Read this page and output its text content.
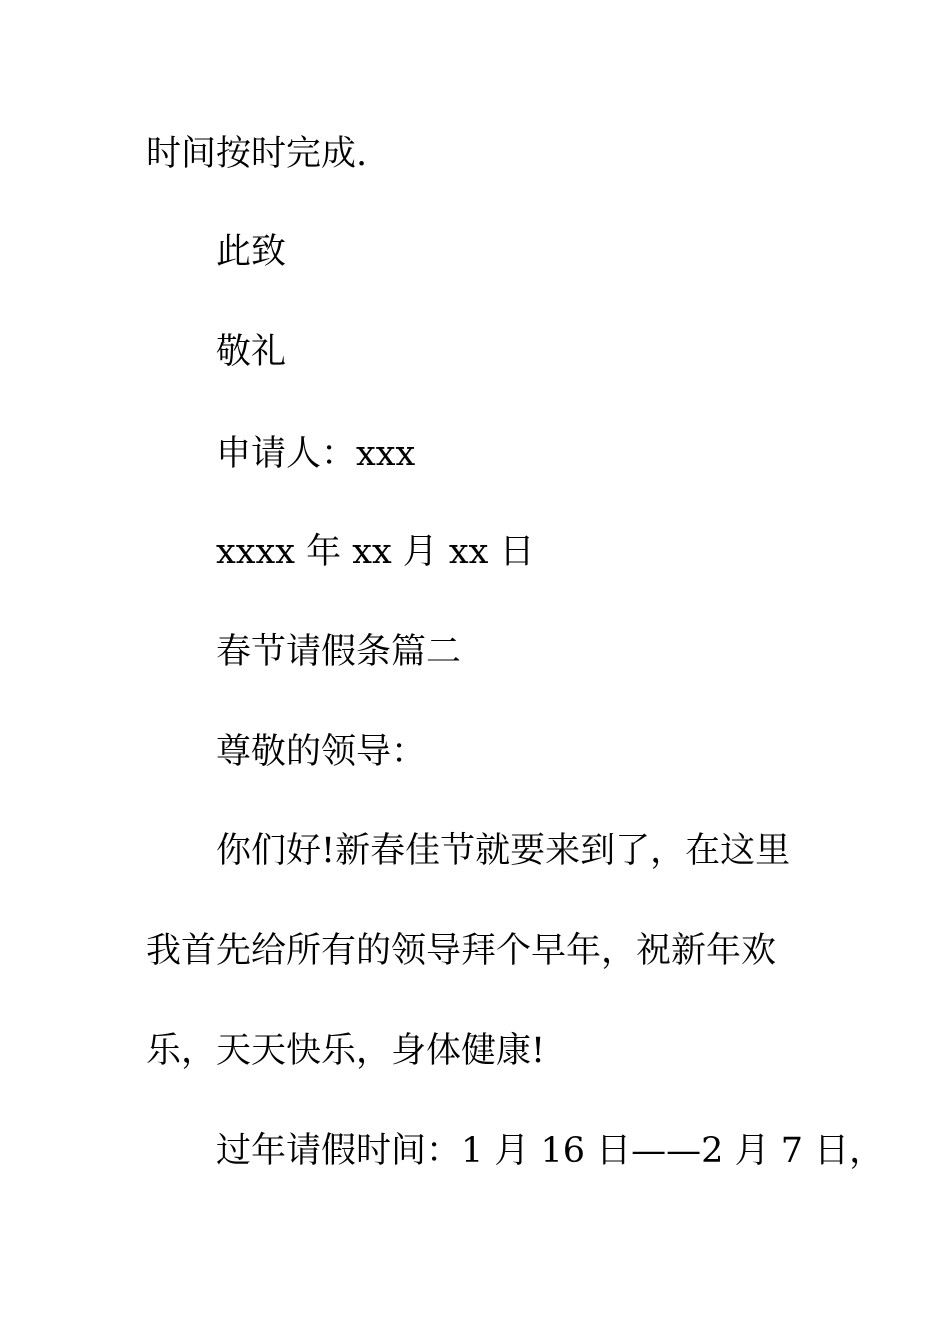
时间按时完成.
此致
敬礼
申请人：xxx
xxxx 年 xx 月 xx 日
春节请假条篇二
尊敬的领导：
你们好!新春佳节就要来到了，在这里
我首先给所有的领导拜个早年，祝新年欢
乐，天天快乐，身体健康!
过年请假时间：1 月 16 日——2 月 7 日，
